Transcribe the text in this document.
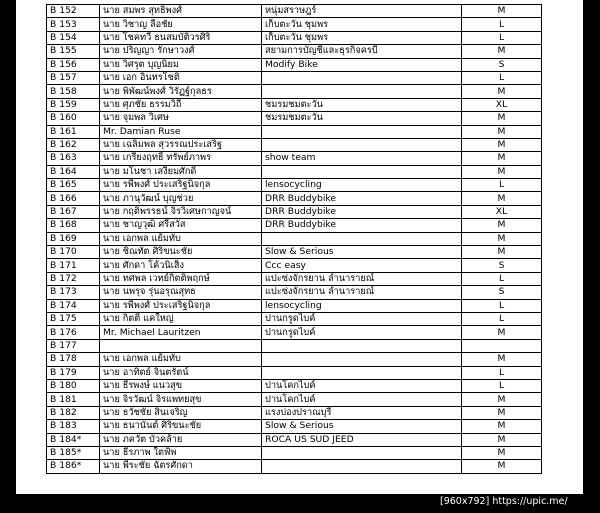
B 152	นาย สมพร สุทธิพงศ์	หนุ่มสราษฎร์	M
B 153	นาย วิชาญ ลือชัย	เก็บตะวัน ชุมพร	L
B 154	นาย โชคทวี ธนสมบัติวรศิริ	เก็บตะวัน ชุมพร	L
B 155	นาย ปริญญา รักษาวงศ์	สยามการบัญชีและธุรกิจครบี	M
B 156	นาย วิศรุต บุญนิยม	Modify Bike	S
B 157	นาย เอก อินทรโชติ		L
B 158	นาย พิพัฒน์พงศ์ วิรัฏฐ์กุลธร		M
B 159	นาย ศุภชัย ธรรมวิถี	ชมรมชมตะวัน	XL
B 160	นาย จุมพล วิเศษ	ชมรมชมตะวัน	M
B 161	Mr. Damian Ruse		M
B 162	นาย เฉลิมพล สุวรรณประเสริฐ		M
B 163	นาย เกรียงฤทธิ์ ทรัพย์ภาพร	show team	M
B 164	นาย มโนชา เสงี่ยมศักดิ์		M
B 165	นาย รพีพงศ์ ประเสริฐนิจกุล	lensocycling	L
B 166	นาย ภานุวัฒน์ บุญช่วย	DRR Buddybike	M
B 167	นาย กฤติพรรธน์ จิรวิเศษกาญจน์	DRR Buddybike	XL
B 168	นาย ชาญวุฒิ ศรีสวัส	DRR Buddybike	M
B 169	นาย เอกพล แย้มทับ		M
B 170	นาย ชิณทัต ศิริขนะชัย	Slow & Serious	M
B 171	นาย ศักดา โค้วนิเส็ง	Ccc easy	S
B 172	นาย ทศพล เวทย์กิตติพฤกษ์	แปะซ่งจักรยาน ลำนารายณ์	L
B 173	นาย นพรุจ รุ่นอรุณสุทธ	แปะซ่งจักรยาน ลำนารายณ์	S
B 174	นาย รพีพงศ์ ประเสริฐนิจกุล	lensocycling	L
B 175	นาย กิตติ์ แคใหญ่	ปานกรูดไบค์	L
B 176	Mr. Michael Lauritzen	ปานกรูดไบค์	M
B 177			
B 178	นาย เอกพล แย้มทับ		M
B 179	นาย อาทิตย์ จินตรัตน์		L
B 180	นาย ธีรพงษ์ แนวสุข	ปานโคกไบค์	L
B 181	นาย จิรวัฒน์ จิรแพทยสุข	ปานโคกไบค์	M
B 182	นาย ธวัชชัย สินเจริญ	แรงบ่องปราณบุรี	M
B 183	นาย ธนานันต์ ศิริขนะชัย	Slow & Serious	M
B 184*	นาย ภควัต บัวคล้าย	ROCA US SUD JEED	M
B 185*	นาย ธีรภาพ ใตฟ้พ		M
B 186*	นาย พีระชัย ฉัตรศักดา		M
[960x792] https://upic.me/
